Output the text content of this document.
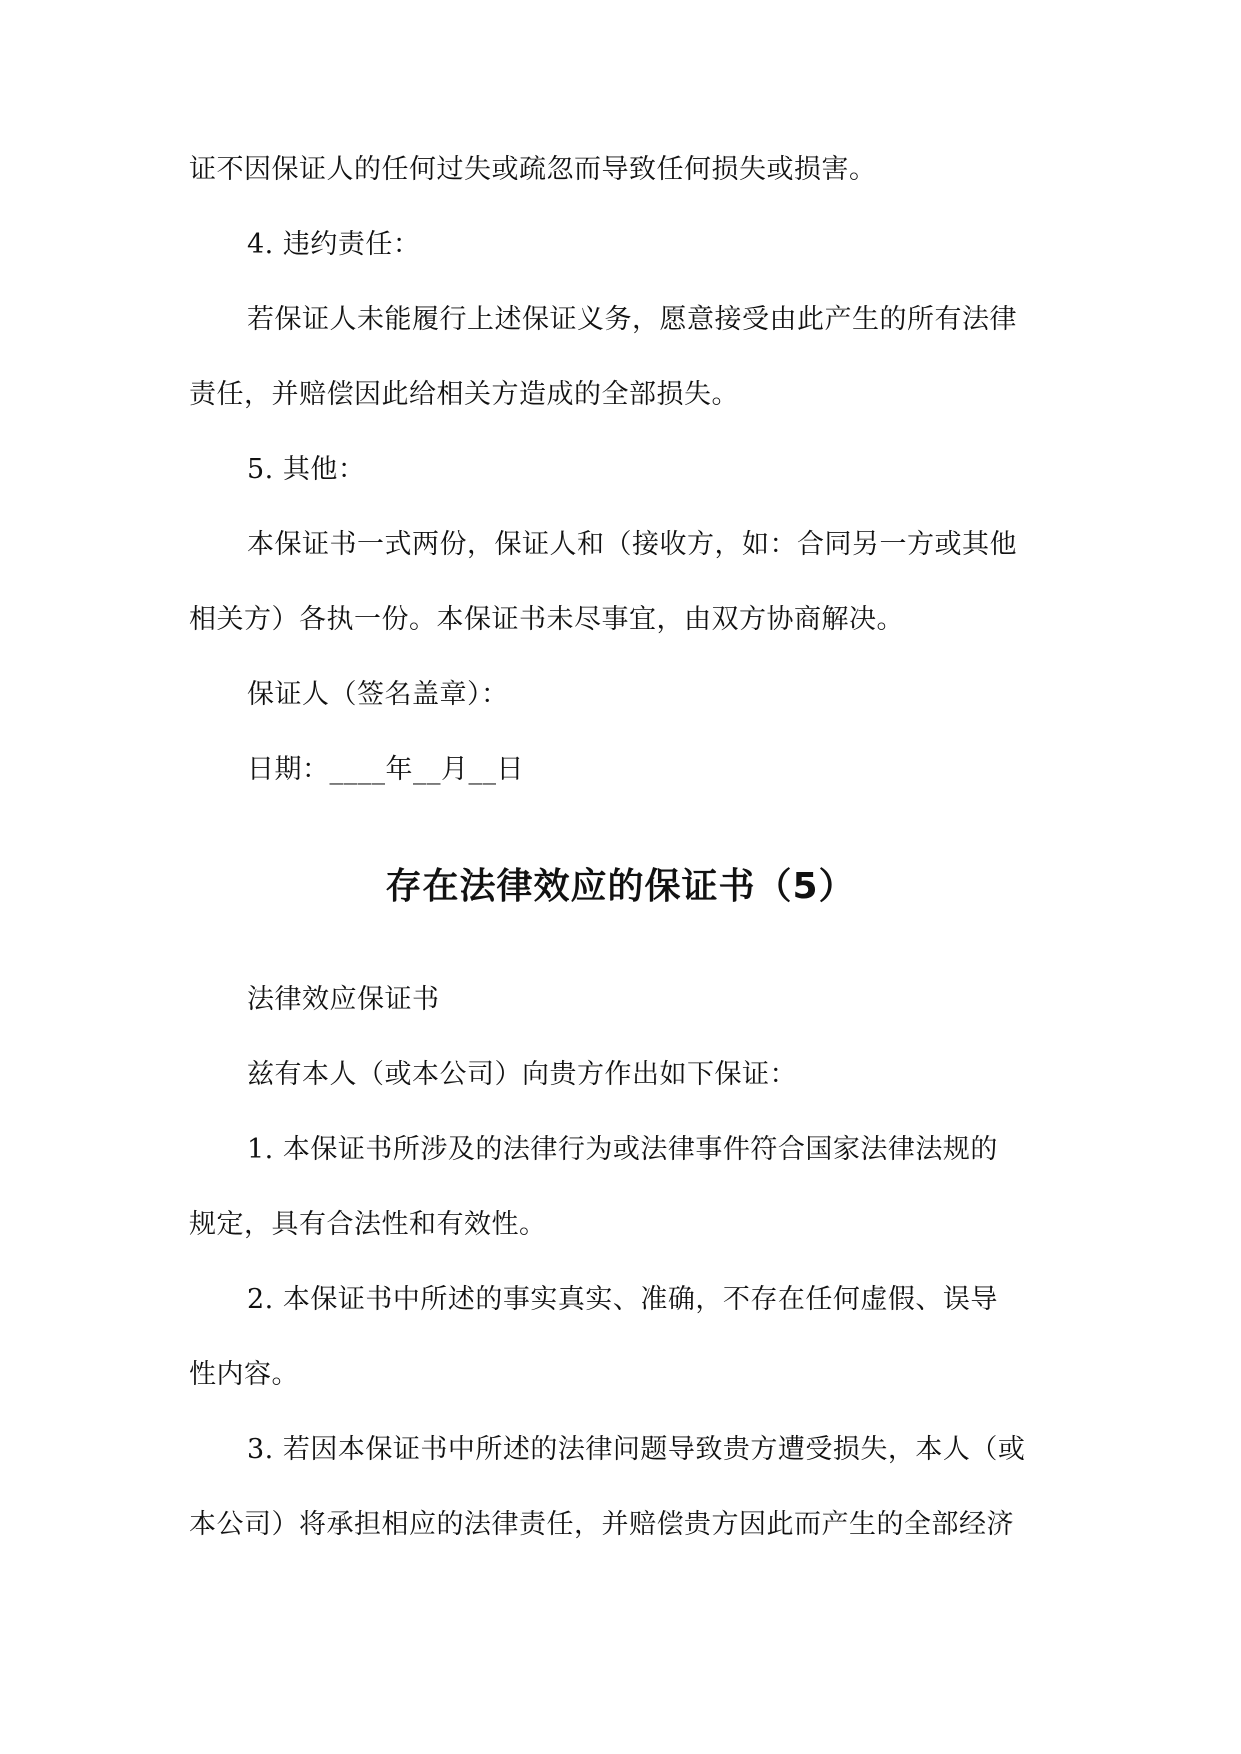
证不因保证人的任何过失或疏忽而导致任何损失或损害。
4. 违约责任：
若保证人未能履行上述保证义务，愿意接受由此产生的所有法律
责任，并赔偿因此给相关方造成的全部损失。
5. 其他：
本保证书一式两份，保证人和（接收方，如：合同另一方或其他
相关方）各执一份。本保证书未尽事宜，由双方协商解决。
保证人（签名盖章）：
日期：____年__月__日
存在法律效应的保证书（5）
法律效应保证书
兹有本人（或本公司）向贵方作出如下保证：
1. 本保证书所涉及的法律行为或法律事件符合国家法律法规的
规定，具有合法性和有效性。
2. 本保证书中所述的事实真实、准确，不存在任何虚假、误导
性内容。
3. 若因本保证书中所述的法律问题导致贵方遭受损失，本人（或
本公司）将承担相应的法律责任，并赔偿贵方因此而产生的全部经济
